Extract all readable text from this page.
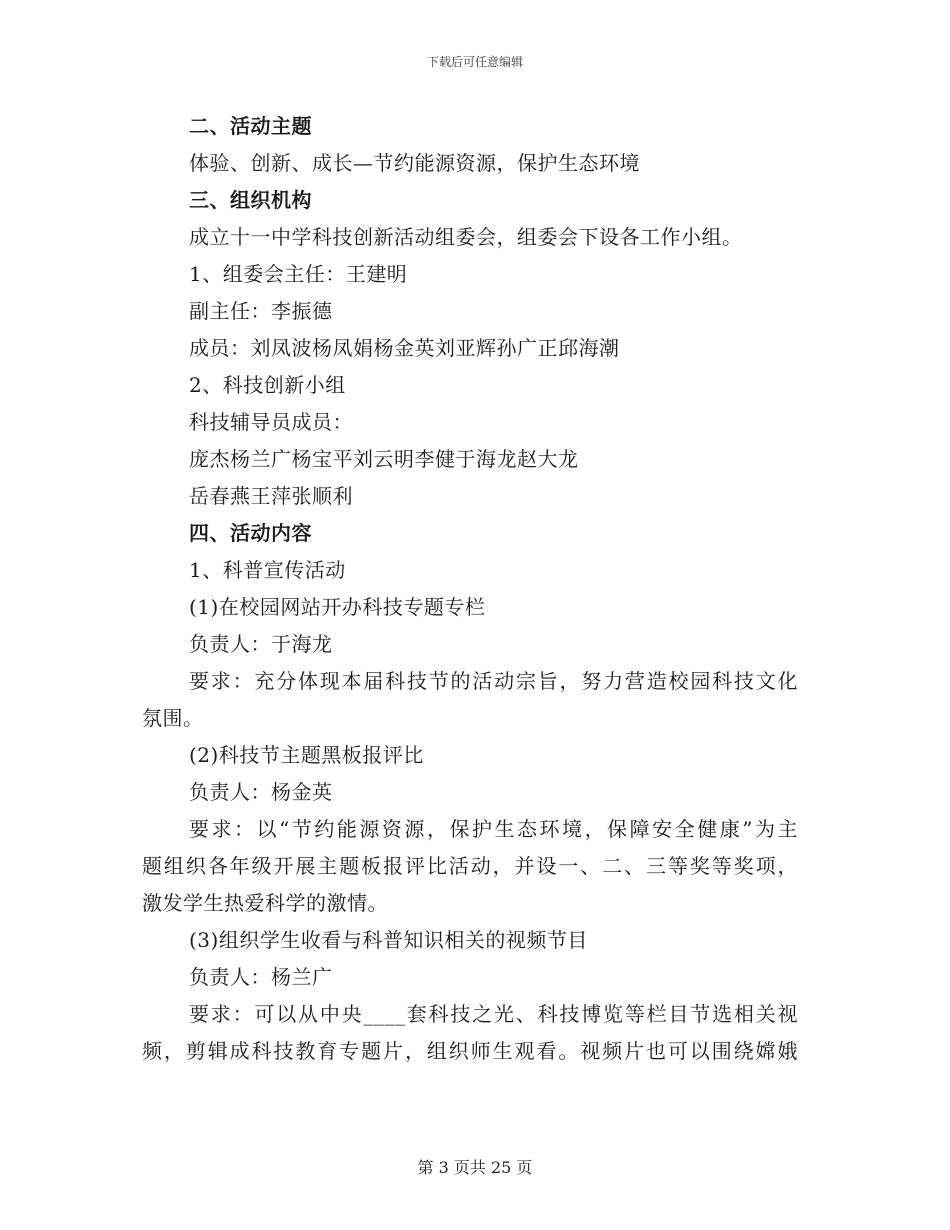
下载后可任意编辑
二、活动主题
体验、创新、成长—节约能源资源，保护生态环境
三、组织机构
成立十一中学科技创新活动组委会，组委会下设各工作小组。
1、组委会主任：王建明
副主任：李振德
成员：刘凤波杨凤娟杨金英刘亚辉孙广正邱海潮
2、科技创新小组
科技辅导员成员：
庞杰杨兰广杨宝平刘云明李健于海龙赵大龙
岳春燕王萍张顺利
四、活动内容
1、科普宣传活动
(1)在校园网站开办科技专题专栏
负责人：于海龙
要求：充分体现本届科技节的活动宗旨，努力营造校园科技文化
氛围。
(2)科技节主题黑板报评比
负责人：杨金英
要求：以“节约能源资源，保护生态环境，保障安全健康”为主
题组织各年级开展主题板报评比活动，并设一、二、三等奖等奖项，
激发学生热爱科学的激情。
(3)组织学生收看与科普知识相关的视频节目
负责人：杨兰广
要求：可以从中央____套科技之光、科技博览等栏目节选相关视
频，剪辑成科技教育专题片，组织师生观看。视频片也可以围绕嫦娥
第 3 页共 25 页
